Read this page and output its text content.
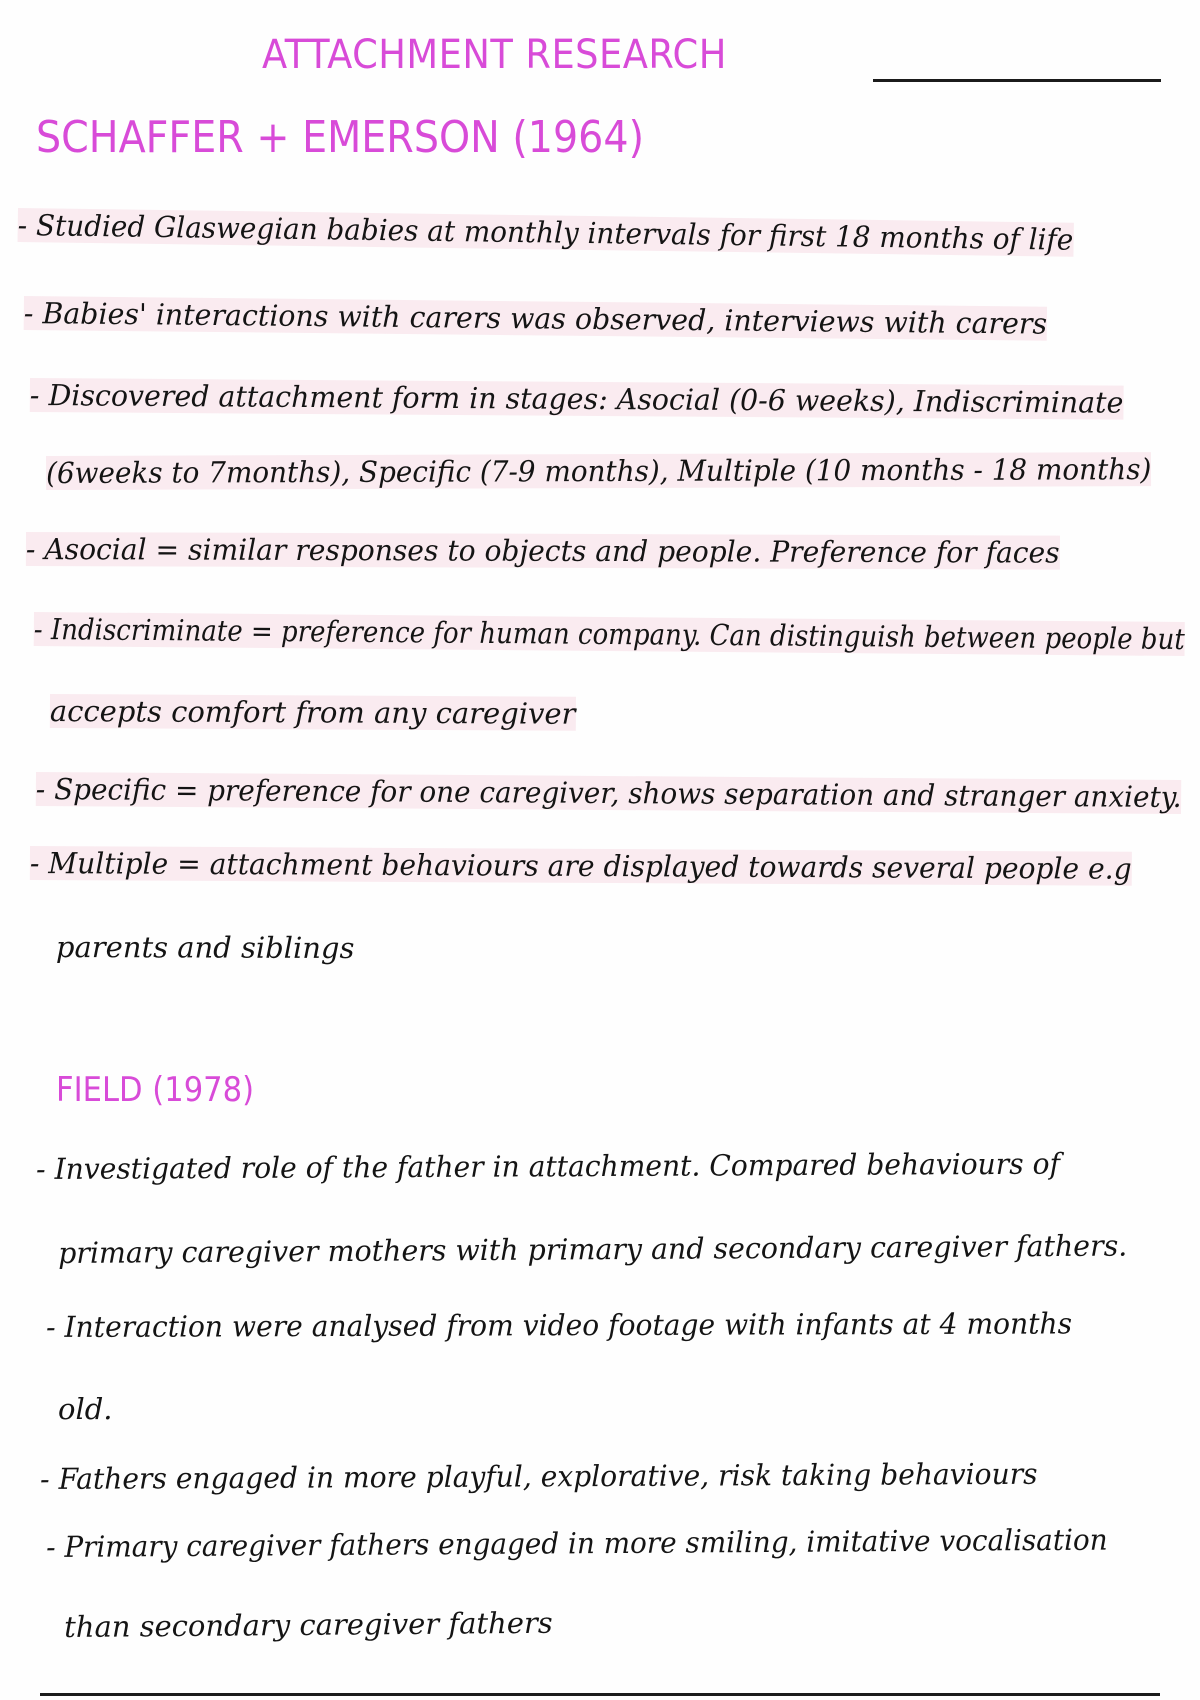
ATTACHMENT RESEARCH
SCHAFFER + EMERSON (1964)
- Studied Glaswegian babies at monthly intervals for first 18 months of life
- Babies' interactions with carers was observed, interviews with carers
- Discovered attachment form in stages: Asocial (0-6 weeks), Indiscriminate
(6weeks to 7months), Specific (7-9 months), Multiple (10 months - 18 months)
- Asocial = similar responses to objects and people. Preference for faces
- Indiscriminate = preference for human company. Can distinguish between people but
accepts comfort from any caregiver
- Specific = preference for one caregiver, shows separation and stranger anxiety.
- Multiple = attachment behaviours are displayed towards several people e.g
parents and siblings
FIELD (1978)
- Investigated role of the father in attachment. Compared behaviours of
primary caregiver mothers with primary and secondary caregiver fathers.
- Interaction were analysed from video footage with infants at 4 months
old.
- Fathers engaged in more playful, explorative, risk taking behaviours
- Primary caregiver fathers engaged in more smiling, imitative vocalisation
than secondary caregiver fathers
